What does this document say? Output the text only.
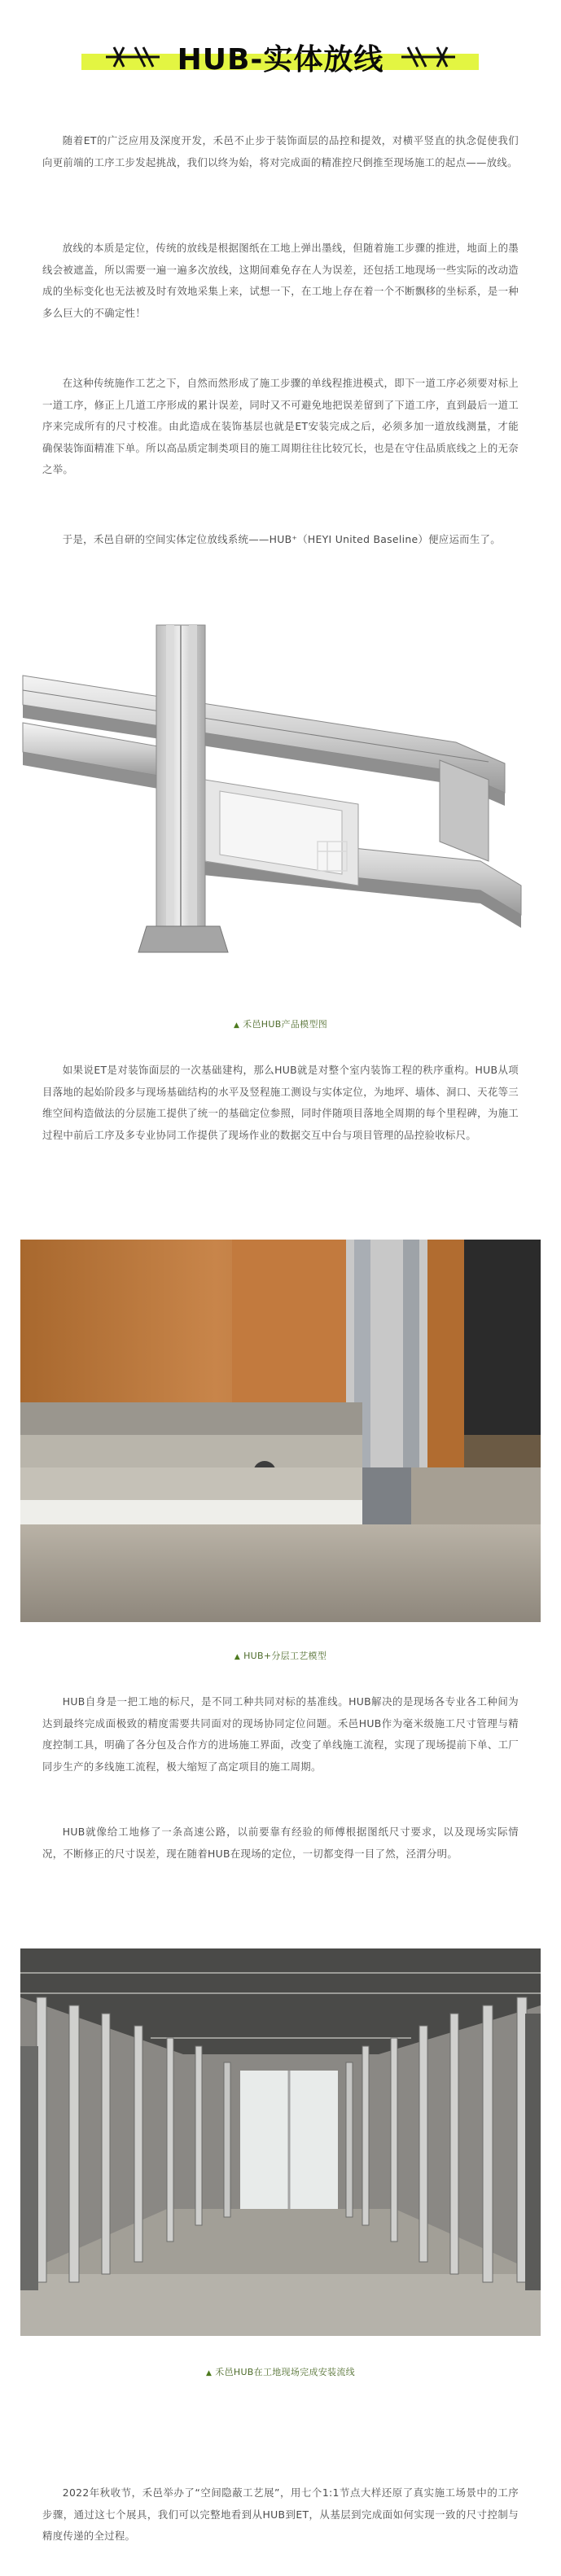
HUB-实体放线

随着ET的广泛应用及深度开发，禾邑不止步于装饰面层的品控和提效，对横平竖直的执念促使我们向更前端的工序工步发起挑战，我们以终为始，将对完成面的精准控尺倒推至现场施工的起点——放线。

放线的本质是定位，传统的放线是根据图纸在工地上弹出墨线，但随着施工步骤的推进，地面上的墨线会被遮盖，所以需要一遍一遍多次放线，这期间难免存在人为误差，还包括工地现场一些实际的改动造成的坐标变化也无法被及时有效地采集上来，试想一下，在工地上存在着一个不断飘移的坐标系，是一种多么巨大的不确定性！

在这种传统施作工艺之下，自然而然形成了施工步骤的单线程推进模式，即下一道工序必须要对标上一道工序，修正上几道工序形成的累计误差，同时又不可避免地把误差留到了下道工序，直到最后一道工序来完成所有的尺寸校准。由此造成在装饰基层也就是ET安装完成之后，必须多加一道放线测量，才能确保装饰面精准下单。所以高品质定制类项目的施工周期往往比较冗长，也是在守住品质底线之上的无奈之举。

于是，禾邑自研的空间实体定位放线系统——HUB⁺（HEYI United Baseline）便应运而生了。

▲ 禾邑HUB产品模型图

如果说ET是对装饰面层的一次基础建构，那么HUB就是对整个室内装饰工程的秩序重构。HUB从项目落地的起始阶段多与现场基础结构的水平及竖程施工测设与实体定位，为地坪、墙体、洞口、天花等三维空间构造做法的分层施工提供了统一的基础定位参照，同时伴随项目落地全周期的每个里程碑，为施工过程中前后工序及多专业协同工作提供了现场作业的数据交互中台与项目管理的品控验收标尺。

▲ HUB+分层工艺模型

HUB自身是一把工地的标尺，是不同工种共同对标的基准线。HUB解决的是现场各专业各工种间为达到最终完成面极致的精度需要共同面对的现场协同定位问题。禾邑HUB作为毫米级施工尺寸管理与精度控制工具，明确了各分包及合作方的进场施工界面，改变了单线施工流程，实现了现场提前下单、工厂同步生产的多线施工流程，极大缩短了高定项目的施工周期。

HUB就像给工地修了一条高速公路，以前要靠有经验的师傅根据图纸尺寸要求，以及现场实际情况，不断修正的尺寸误差，现在随着HUB在现场的定位，一切都变得一目了然，泾渭分明。

▲ 禾邑HUB在工地现场完成安装流线

2022年秋收节，禾邑举办了“空间隐蔽工艺展”，用七个1:1节点大样还原了真实施工场景中的工序步骤，通过这七个展具，我们可以完整地看到从HUB到ET，从基层到完成面如何实现一致的尺寸控制与精度传递的全过程。
